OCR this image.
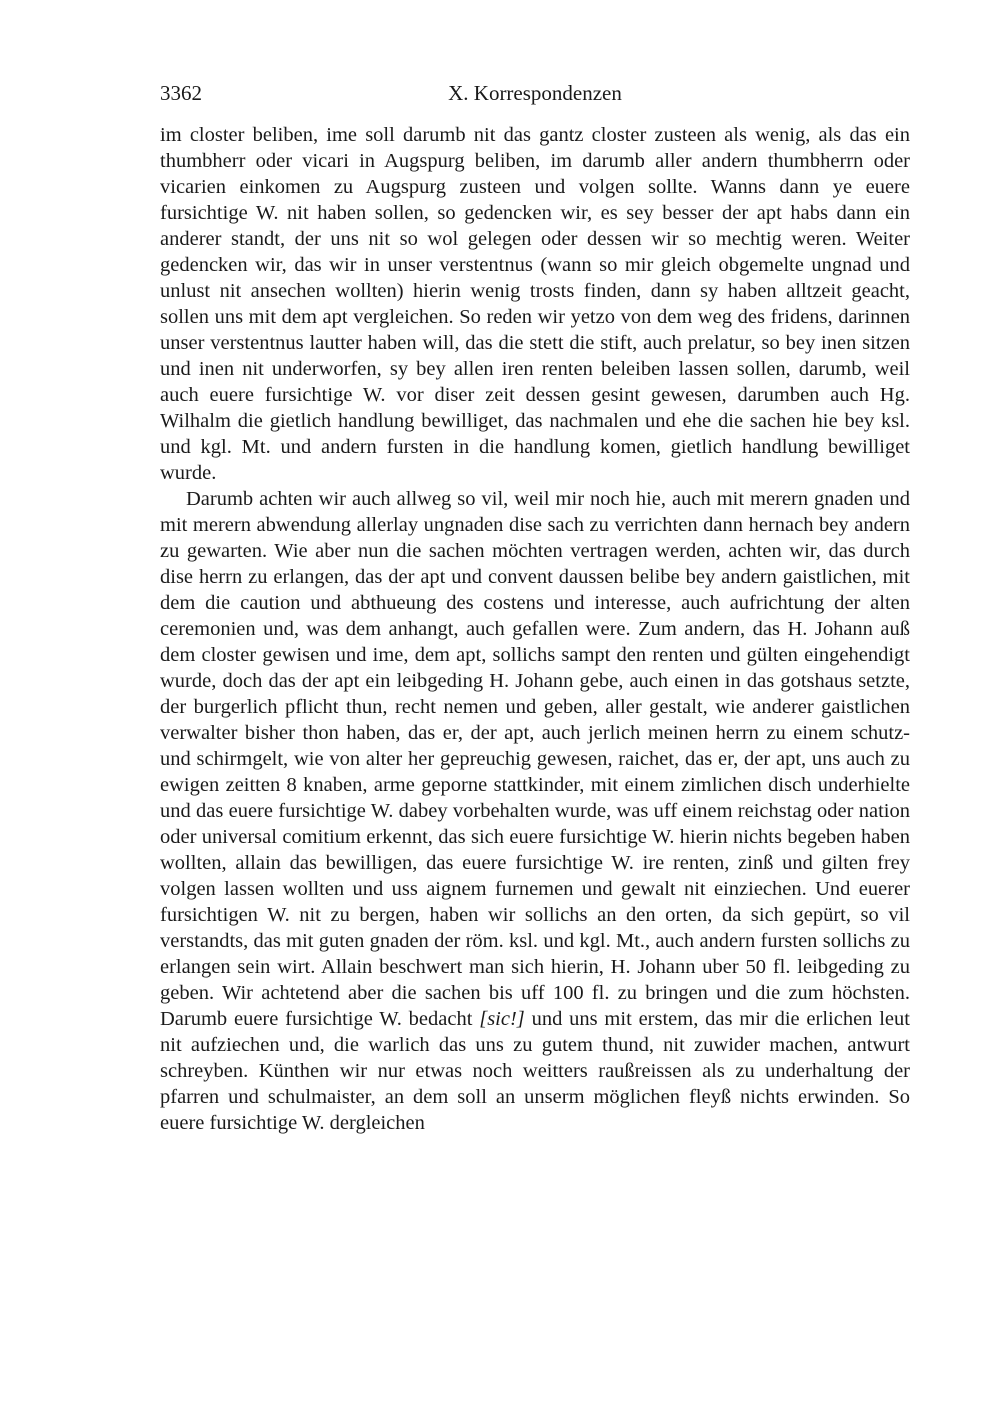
3362	X. Korrespondenzen

im closter beliben, ime soll darumb nit das gantz closter zusteen als wenig, als das ein thumbherr oder vicari in Augspurg beliben, im darumb aller andern thumbherrn oder vicarien einkomen zu Augspurg zusteen und volgen sollte. Wanns dann ye euere fursichtige W. nit haben sollen, so gedencken wir, es sey besser der apt habs dann ein anderer standt, der uns nit so wol gelegen oder dessen wir so mechtig weren. Weiter gedencken wir, das wir in unser verstentnus (wann so mir gleich obgemelte ungnad und unlust nit ansechen wollten) hierin wenig trosts finden, dann sy haben alltzeit geacht, sollen uns mit dem apt vergleichen. So reden wir yetzo von dem weg des fridens, darinnen unser verstentnus lautter haben will, das die stett die stift, auch prelatur, so bey inen sitzen und inen nit underworfen, sy bey allen iren renten beleiben lassen sollen, darumb, weil auch euere fursichtige W. vor diser zeit dessen gesint gewesen, darumben auch Hg. Wilhalm die gietlich handlung bewilliget, das nachmalen und ehe die sachen hie bey ksl. und kgl. Mt. und andern fursten in die handlung komen, gietlich handlung bewilliget wurde.

Darumb achten wir auch allweg so vil, weil mir noch hie, auch mit merern gnaden und mit merern abwendung allerlay ungnaden dise sach zu verrichten dann hernach bey andern zu gewarten. Wie aber nun die sachen möchten vertragen werden, achten wir, das durch dise herrn zu erlangen, das der apt und convent daussen belibe bey andern gaistlichen, mit dem die caution und abthueung des costens und interesse, auch aufrichtung der alten ceremonien und, was dem anhangt, auch gefallen were. Zum andern, das H. Johann auß dem closter gewisen und ime, dem apt, sollichs sampt den renten und gülten eingehendigt wurde, doch das der apt ein leibgeding H. Johann gebe, auch einen in das gotshaus setzte, der burgerlich pflicht thun, recht nemen und geben, aller gestalt, wie anderer gaistlichen verwalter bisher thon haben, das er, der apt, auch jerlich meinen herrn zu einem schutz- und schirmgelt, wie von alter her gepreuchig gewesen, raichet, das er, der apt, uns auch zu ewigen zeitten 8 knaben, arme geporne stattkinder, mit einem zimlichen disch underhielte und das euere fursichtige W. dabey vorbehalten wurde, was uff einem reichstag oder nation oder universal comitium erkennt, das sich euere fursichtige W. hierin nichts begeben haben wollten, allain das bewilligen, das euere fursichtige W. ire renten, zinß und gilten frey volgen lassen wollten und uss aignem furnemen und gewalt nit einziechen. Und euerer fursichtigen W. nit zu bergen, haben wir sollichs an den orten, da sich gepürt, so vil verstandts, das mit guten gnaden der röm. ksl. und kgl. Mt., auch andern fursten sollichs zu erlangen sein wirt. Allain beschwert man sich hierin, H. Johann uber 50 fl. leibgeding zu geben. Wir achtetend aber die sachen bis uff 100 fl. zu bringen und die zum höchsten. Darumb euere fursichtige W. bedacht [sic!] und uns mit erstem, das mir die erlichen leut nit aufziechen und, die warlich das uns zu gutem thund, nit zuwider machen, antwurt schreyben. Künthen wir nur etwas noch weitters raußreissen als zu underhaltung der pfarren und schulmaister, an dem soll an unserm möglichen fleyß nichts erwinden. So euere fursichtige W. dergleichen
